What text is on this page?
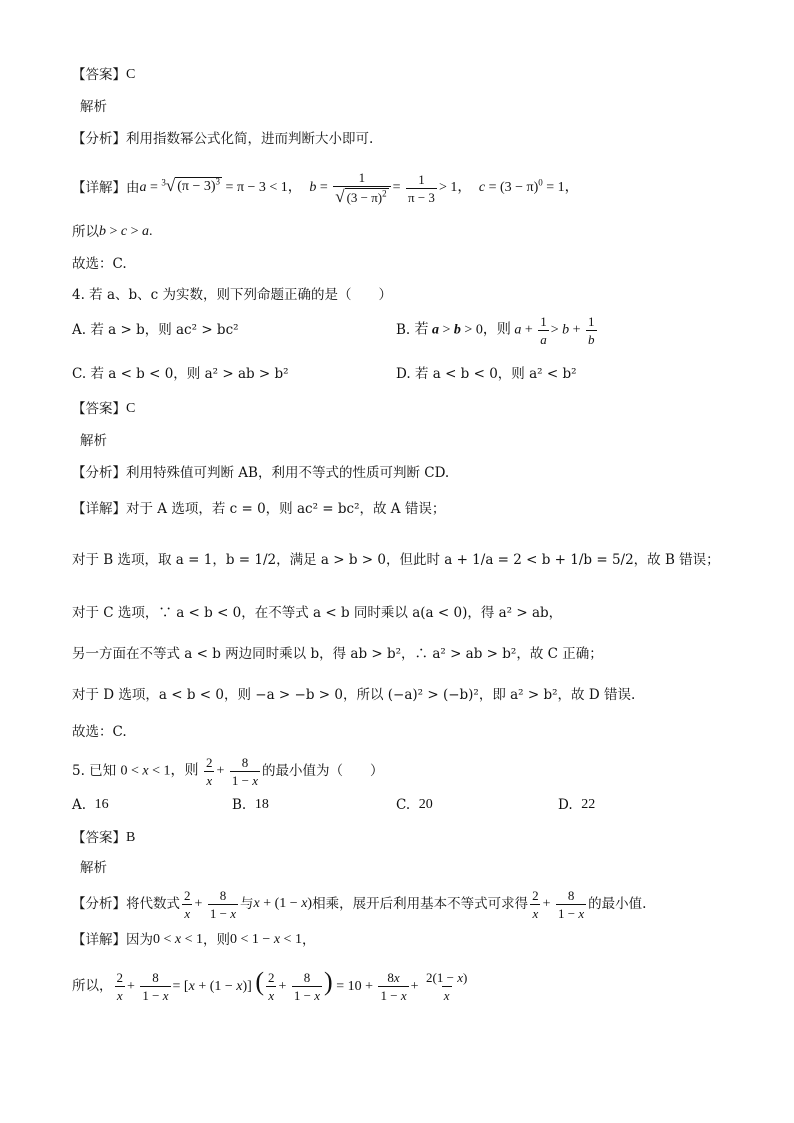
【答案】 C
解析
【分析】 利用指数幂公式化简，进而判断大小即可.
【详解】 由 a = $^3$ √ $(\pi - 3)^3 = \pi - 3 < 1$， $b = \frac{1}{√ (3 - \pi)^2} = \frac{1}{\pi - 3} > 1$， $c = (3 - \pi)^0 = 1$，
所以 b > c > a.
故选：C.
4. 若 a、b、c 为实数，则下列命题正确的是（　　）
A.
若 a > b，则 ac² > bc²	B.
若 a > b > 0，则 $a + \frac{1}{a} > b + \frac{1}{b}$
C.
若 a < b < 0，则 a² > ab > b²	D.
若 a < b < 0，则 a² < b²
【答案】 C
解析
【分析】 利用特殊值可判断 AB，利用不等式的性质可判断 CD.
【详解】 对于 A 选项，若 c = 0，则 ac² = bc²，故 A 错误；
对于 B 选项，取 a = 1，b = 1/2，满足 a > b > 0，但此时 a + 1/a = 2 < b + 1/b = 5/2，故 B 错误；
对于 C 选项，∵ a < b < 0，在不等式 a < b 同时乘以 a(a < 0)，得 a² > ab，
另一方面在不等式 a < b 两边同时乘以 b，得 ab > b²，∴ a² > ab > b²，故 C 正确；
对于 D 选项，a < b < 0，则 −a > −b > 0，所以 (−a)² > (−b)²，即 a² > b²，故 D 错误.
故选：C.
5. 已知
0 < x < 1，则 $\frac{2}{x} + \frac{8}{1 - x}$ 的最小值为（　　）
A.
16	B.
18	C.
20	D.
22
【答案】 B
解析
【分析】 将代数式 $\frac{2}{x} + \frac{8}{1 - x}$ 与 x + (1 − x) 相乘，展开后利用基本不等式可求得 $\frac{2}{x} + \frac{8}{1 - x}$ 的最小值.
【详解】 因为 0 < x < 1 ，则 0 < 1 − x < 1 ，
所以， $\frac{2}{x} + \frac{8}{1 - x} = [x + (1 - x)]$ ( $\frac{2}{x} + \frac{8}{1 - x}$ ) = $10 + \frac{8x}{1 - x} + \frac{2(1 - x)}{x}$
